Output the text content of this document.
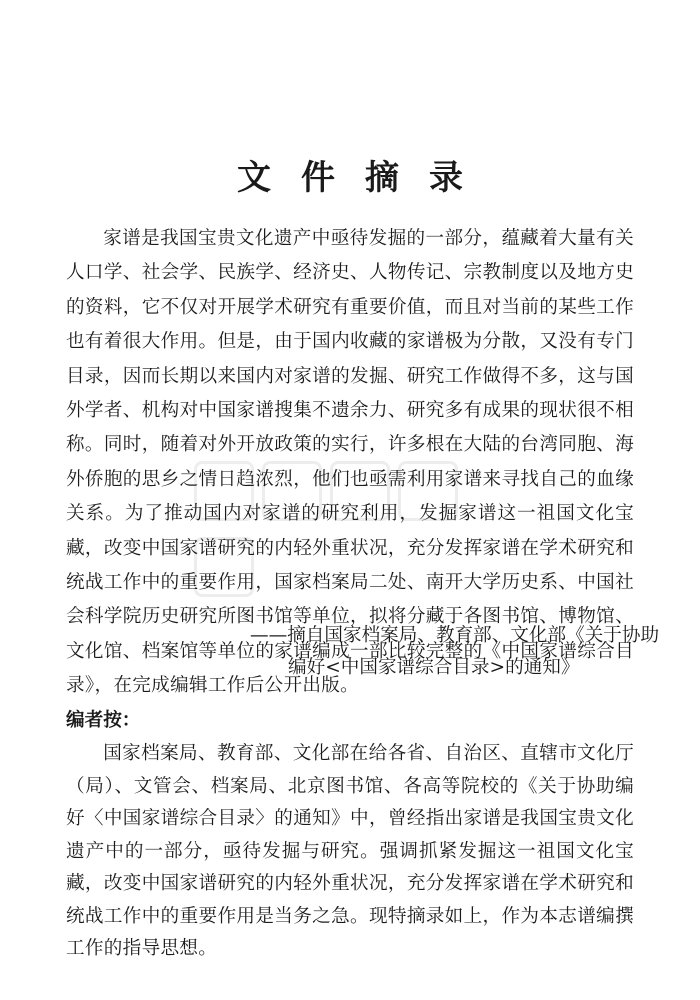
文件摘录

家谱是我国宝贵文化遗产中亟待发掘的一部分，蕴藏着大量有关人口学、社会学、民族学、经济史、人物传记、宗教制度以及地方史的资料，它不仅对开展学术研究有重要价值，而且对当前的某些工作也有着很大作用。但是，由于国内收藏的家谱极为分散，又没有专门目录，因而长期以来国内对家谱的发掘、研究工作做得不多，这与国外学者、机构对中国家谱搜集不遗余力、研究多有成果的现状很不相称。同时，随着对外开放政策的实行，许多根在大陆的台湾同胞、海外侨胞的思乡之情日趋浓烈，他们也亟需利用家谱来寻找自己的血缘关系。为了推动国内对家谱的研究利用，发掘家谱这一祖国文化宝藏，改变中国家谱研究的内轻外重状况，充分发挥家谱在学术研究和统战工作中的重要作用，国家档案局二处、南开大学历史系、中国社会科学院历史研究所图书馆等单位，拟将分藏于各图书馆、博物馆、文化馆、档案馆等单位的家谱编成一部比较完整的《中国家谱综合目录》，在完成编辑工作后公开出版。

——摘自国家档案局、教育部、文化部《关于协助
编好<中国家谱综合目录>的通知》

编者按：

国家档案局、教育部、文化部在给各省、自治区、直辖市文化厅（局）、文管会、档案局、北京图书馆、各高等院校的《关于协助编好〈中国家谱综合目录〉的通知》中，曾经指出家谱是我国宝贵文化遗产中的一部分，亟待发掘与研究。强调抓紧发掘这一祖国文化宝藏，改变中国家谱研究的内轻外重状况，充分发挥家谱在学术研究和统战工作中的重要作用是当务之急。现特摘录如上，作为本志谱编撰工作的指导思想。
